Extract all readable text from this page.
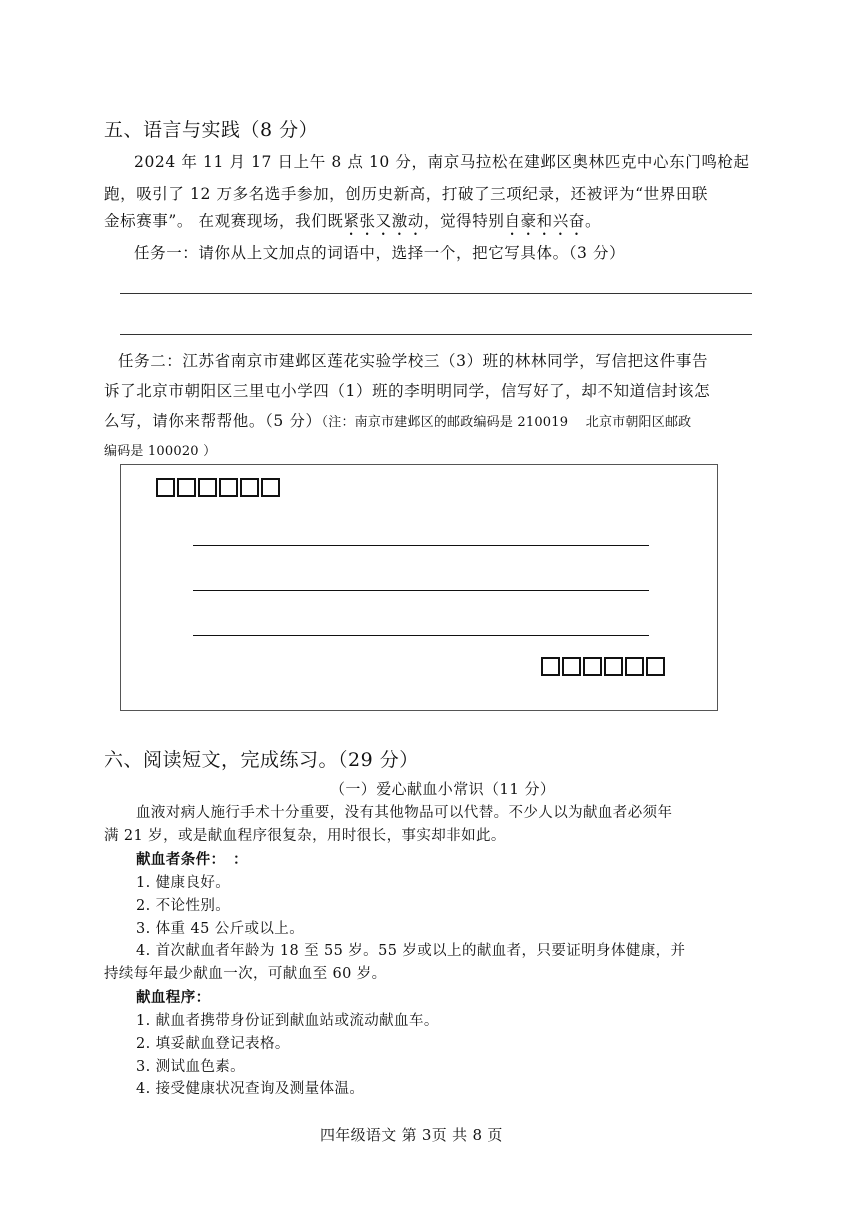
五、语言与实践（8 分）
2024 年 11 月 17 日上午 8 点 10 分，南京马拉松在建邺区奥林匹克中心东门鸣枪起
跑，吸引了 12 万多名选手参加，创历史新高，打破了三项纪录，还被评为“世界田联
金标赛事”。 在观赛现场，我们既紧张又激动，觉得特别自豪和兴奋。
任务一：请你从上文加点的词语中，选择一个，把它写具体。（3 分）
任务二：江苏省南京市建邺区莲花实验学校三（3）班的林林同学，写信把这件事告
诉了北京市朝阳区三里屯小学四（1）班的李明明同学，信写好了，却不知道信封该怎
么写，请你来帮帮他。（5 分）（注：南京市建邺区的邮政编码是 210019　 北京市朝阳区邮政
编码是 100020 ）
六、阅读短文，完成练习。（29 分）
（一）爱心献血小常识（11 分）
血液对病人施行手术十分重要，没有其他物品可以代替。不少人以为献血者必须年
满 21 岁，或是献血程序很复杂，用时很长，事实却非如此。
献血者条件：　：
1. 健康良好。
2. 不论性别。
3. 体重 45 公斤或以上。
4. 首次献血者年龄为 18 至 55 岁。55 岁或以上的献血者，只要证明身体健康，并
持续每年最少献血一次，可献血至 60 岁。
献血程序：
1. 献血者携带身份证到献血站或流动献血车。
2. 填妥献血登记表格。
3. 测试血色素。
4. 接受健康状况查询及测量体温。
四年级语文 第 3页 共 8 页
